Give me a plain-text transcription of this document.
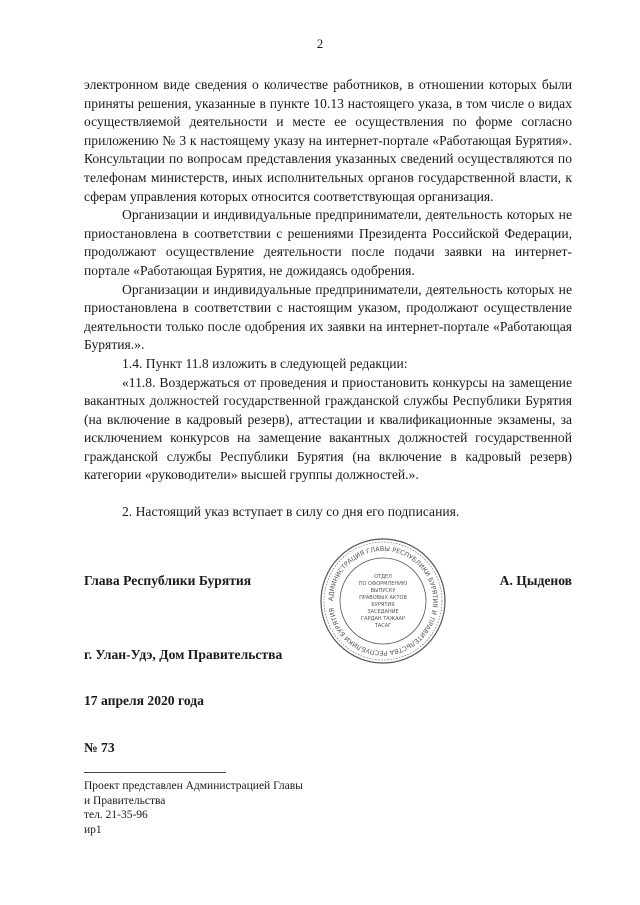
2

электронном виде сведения о количестве работников, в отношении которых были приняты решения, указанные в пункте 10.13 настоящего указа, в том числе о видах осуществляемой деятельности и месте ее осуществления по форме согласно приложению № 3 к настоящему указу на интернет-портале «Работающая Бурятия». Консультации по вопросам представления указанных сведений осуществляются по телефонам министерств, иных исполнительных органов государственной власти, к сферам управления которых относится соответствующая организация.

Организации и индивидуальные предприниматели, деятельность которых не приостановлена в соответствии с решениями Президента Российской Федерации, продолжают осуществление деятельности после подачи заявки на интернет-портале «Работающая Бурятия, не дожидаясь одобрения.

Организации и индивидуальные предприниматели, деятельность которых не приостановлена в соответствии с настоящим указом, продолжают осуществление деятельности только после одобрения их заявки на интернет-портале «Работающая Бурятия.».

1.4. Пункт 11.8 изложить в следующей редакции:

«11.8. Воздержаться от проведения и приостановить конкурсы на замещение вакантных должностей государственной гражданской службы Республики Бурятия (на включение в кадровый резерв), аттестации и квалификационные экзамены, за исключением конкурсов на замещение вакантных должностей государственной гражданской службы Республики Бурятия (на включение в кадровый резерв) категории «руководители» высшей группы должностей.».

2. Настоящий указ вступает в силу со дня его подписания.

Глава Республики Бурятия	А. Цыденов
АДМИНИСТРАЦИЯ ГЛАВЫ РЕСПУБЛИКИ БУРЯТИЯ И ПРАВИТЕЛЬСТВА РЕСПУБЛИКИ БУРЯТИЯ
ОТДЕЛ
ПО ОФОРМЛЕНИЮ
ВЫПУСКУ
ПРАВОВЫХ АКТОВ
БУРЯТИЯ
ЗАСЕДАНИЕ
ГАРДАН ТАЖААР
ТАСАГ
г. Улан-Удэ, Дом Правительства
17 апреля 2020 года
№ 73
Проект представлен Администрацией Главы
и Правительства
тел. 21-35-96
ир1
